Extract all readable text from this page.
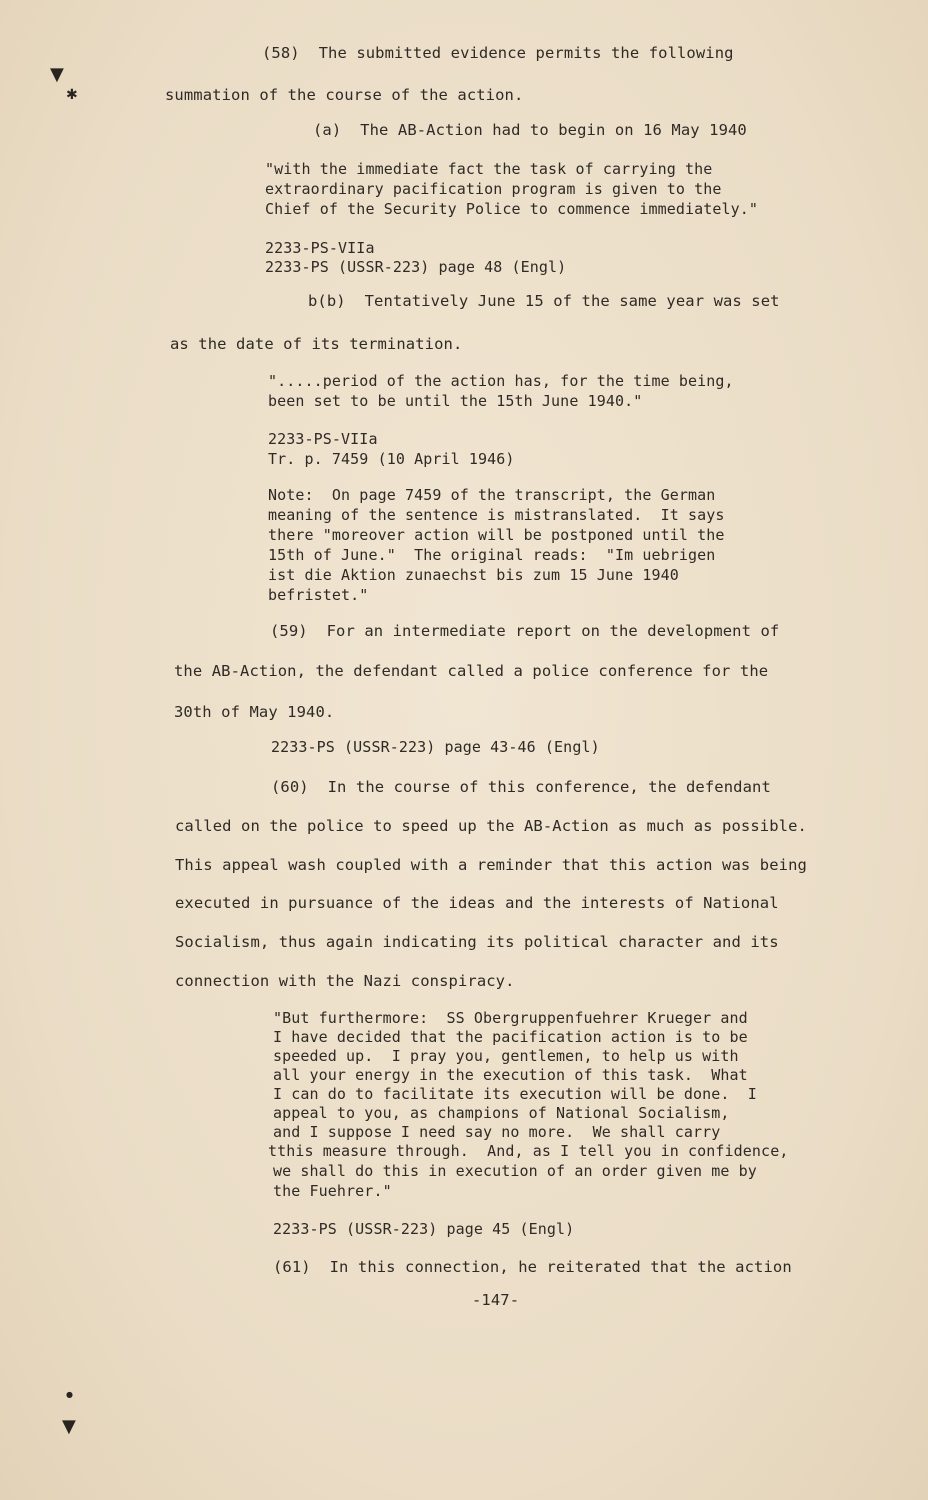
▼
✱
●
▼
(58)  The submitted evidence permits the following
summation of the course of the action.
(a)  The AB-Action had to begin on 16 May 1940
"with the immediate fact the task of carrying the
extraordinary pacification program is given to the
Chief of the Security Police to commence immediately."
2233-PS-VIIa
2233-PS (USSR-223) page 48 (Engl)
b(b)  Tentatively June 15 of the same year was set
as the date of its termination.
".....period of the action has, for the time being,
been set to be until the 15th June 1940."
2233-PS-VIIa
Tr. p. 7459 (10 April 1946)
Note:  On page 7459 of the transcript, the German
meaning of the sentence is mistranslated.  It says
there "moreover action will be postponed until the
15th of June."  The original reads:  "Im uebrigen
ist die Aktion zunaechst bis zum 15 June 1940
befristet."
(59)  For an intermediate report on the development of
the AB-Action, the defendant called a police conference for the
30th of May 1940.
2233-PS (USSR-223) page 43-46 (Engl)
(60)  In the course of this conference, the defendant
called on the police to speed up the AB-Action as much as possible.
This appeal wash coupled with a reminder that this action was being
executed in pursuance of the ideas and the interests of National
Socialism, thus again indicating its political character and its
connection with the Nazi conspiracy.
"But furthermore:  SS Obergruppenfuehrer Krueger and
I have decided that the pacification action is to be
speeded up.  I pray you, gentlemen, to help us with
all your energy in the execution of this task.  What
I can do to facilitate its execution will be done.  I
appeal to you, as champions of National Socialism,
and I suppose I need say no more.  We shall carry
tthis measure through.  And, as I tell you in confidence,
we shall do this in execution of an order given me by
the Fuehrer."
2233-PS (USSR-223) page 45 (Engl)
(61)  In this connection, he reiterated that the action
-147-
